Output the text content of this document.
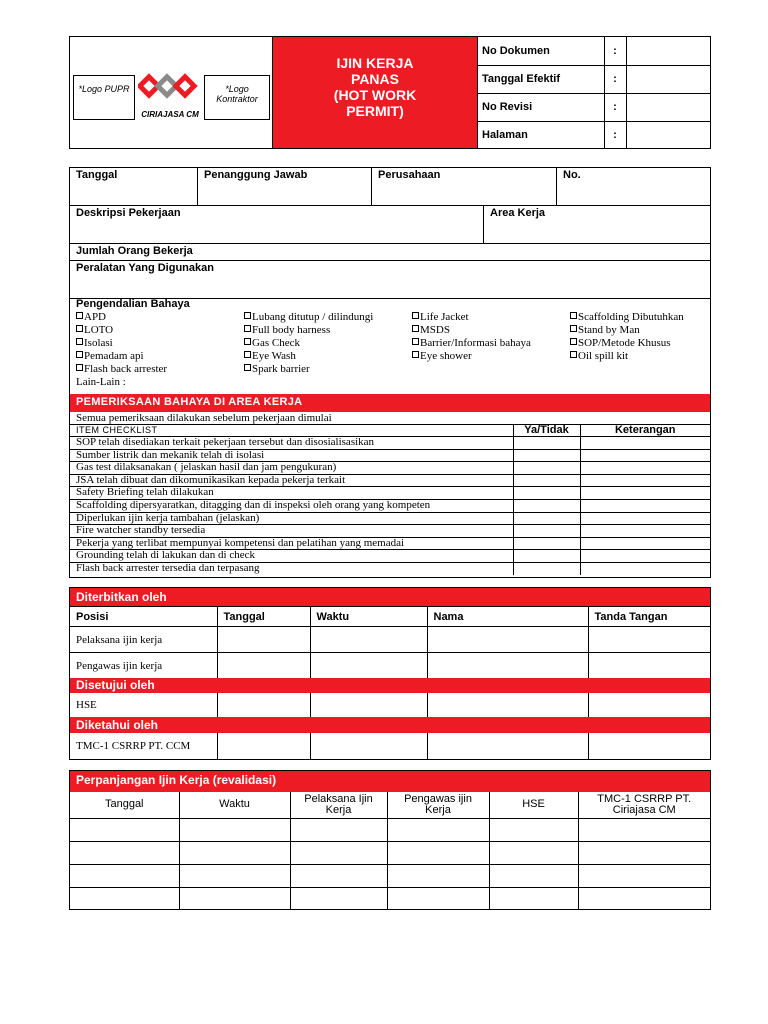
*Logo PUPR
CIRIAJASA CM
*Logo Kontraktor
IJIN KERJA
PANAS
(HOT WORK
PERMIT)
No Dokumen	:	
Tanggal Efektif	:	
No Revisi	:	
Halaman	:	
Tanggal	Penanggung Jawab	Perusahaan	No.
Deskripsi Pekerjaan	Area Kerja
Jumlah Orang Bekerja
Peralatan Yang Digunakan
Pengendalian Bahaya
APD
LOTO
Isolasi
Pemadam api
Flash back arrester
Lubang ditutup / dilindungi
Full body harness
Gas Check
Eye Wash
Spark barrier
Life Jacket
MSDS
Barrier/Informasi bahaya
Eye shower
Scaffolding Dibutuhkan
Stand by Man
SOP/Metode Khusus
Oil spill kit
Lain-Lain :
PEMERIKSAAN BAHAYA DI AREA KERJA
Semua pemeriksaan dilakukan sebelum pekerjaan dimulai
ITEM CHECKLIST	Ya/Tidak	Keterangan
SOP telah disediakan terkait pekerjaan tersebut dan disosialisasikan		
Sumber listrik dan mekanik telah di isolasi		
Gas test dilaksanakan ( jelaskan hasil dan jam pengukuran)		
JSA telah dibuat dan dikomunikasikan kepada pekerja terkait		
Safety Briefing telah dilakukan		
Scaffolding dipersyaratkan, ditagging dan di inspeksi oleh orang yang kompeten		
Diperlukan ijin kerja tambahan (jelaskan)		
Fire watcher standby tersedia		
Pekerja yang terlibat mempunyai kompetensi dan pelatihan yang memadai		
Grounding telah di lakukan dan di check		
Flash back arrester tersedia dan terpasang		
Diterbitkan oleh
Posisi	Tanggal	Waktu	Nama	Tanda Tangan
Pelaksana ijin kerja				
Pengawas ijin kerja				
Disetujui oleh
HSE				
Diketahui oleh
TMC-1 CSRRP PT. CCM				
Perpanjangan Ijin Kerja (revalidasi)
Tanggal	Waktu	Pelaksana Ijin Kerja	Pengawas ijin Kerja	HSE	TMC-1 CSRRP PT. Ciriajasa CM
